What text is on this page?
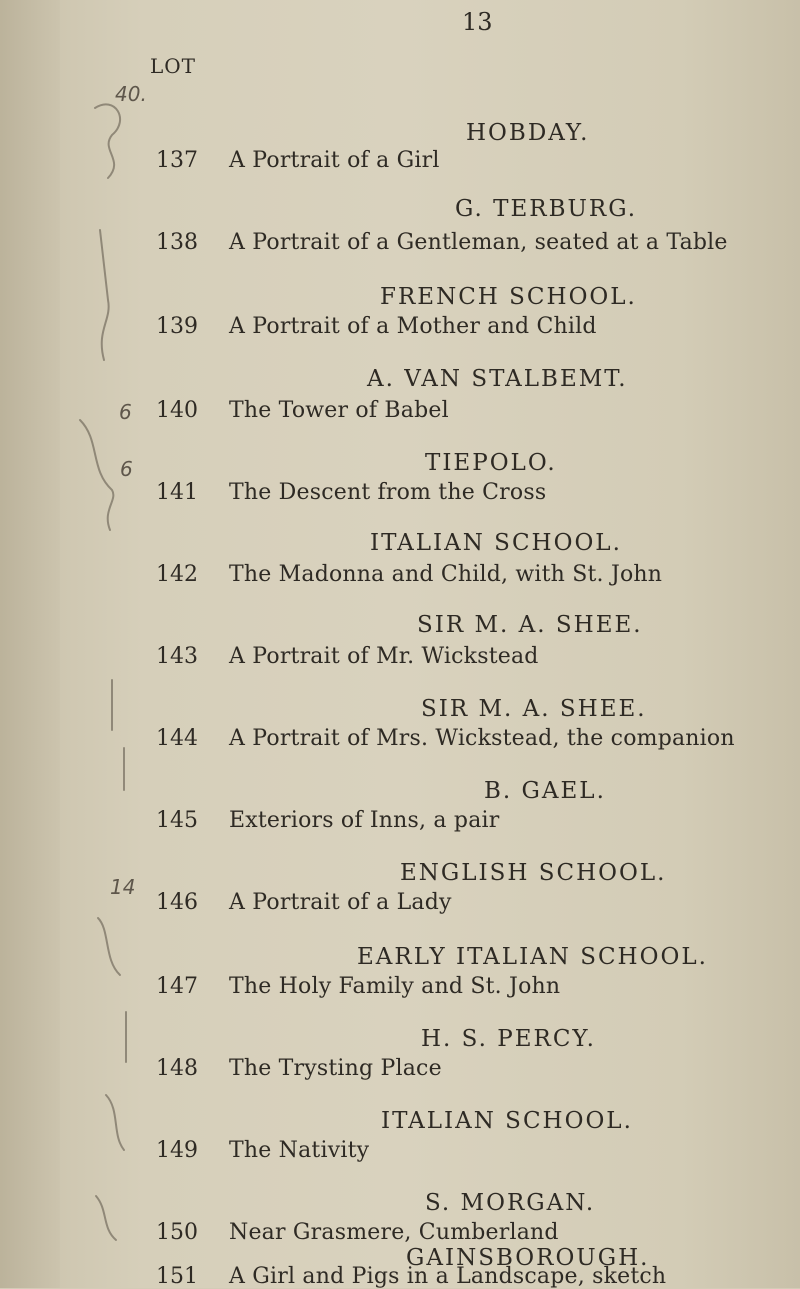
13
LOT
40.
6
6
14
HOBDAY.
137 A Portrait of a Girl
G. TERBURG.
138 A Portrait of a Gentleman, seated at a Table
FRENCH SCHOOL.
139 A Portrait of a Mother and Child
A. VAN STALBEMT.
140 The Tower of Babel
TIEPOLO.
141 The Descent from the Cross
ITALIAN SCHOOL.
142 The Madonna and Child, with St. John
SIR M. A. SHEE.
143 A Portrait of Mr. Wickstead
SIR M. A. SHEE.
144 A Portrait of Mrs. Wickstead, the companion
B. GAEL.
145 Exteriors of Inns, a pair
ENGLISH SCHOOL.
146 A Portrait of a Lady
EARLY ITALIAN SCHOOL.
147 The Holy Family and St. John
H. S. PERCY.
148 The Trysting Place
ITALIAN SCHOOL.
149 The Nativity
S. MORGAN.
150 Near Grasmere, Cumberland
GAINSBOROUGH.
151 A Girl and Pigs in a Landscape, sketch
